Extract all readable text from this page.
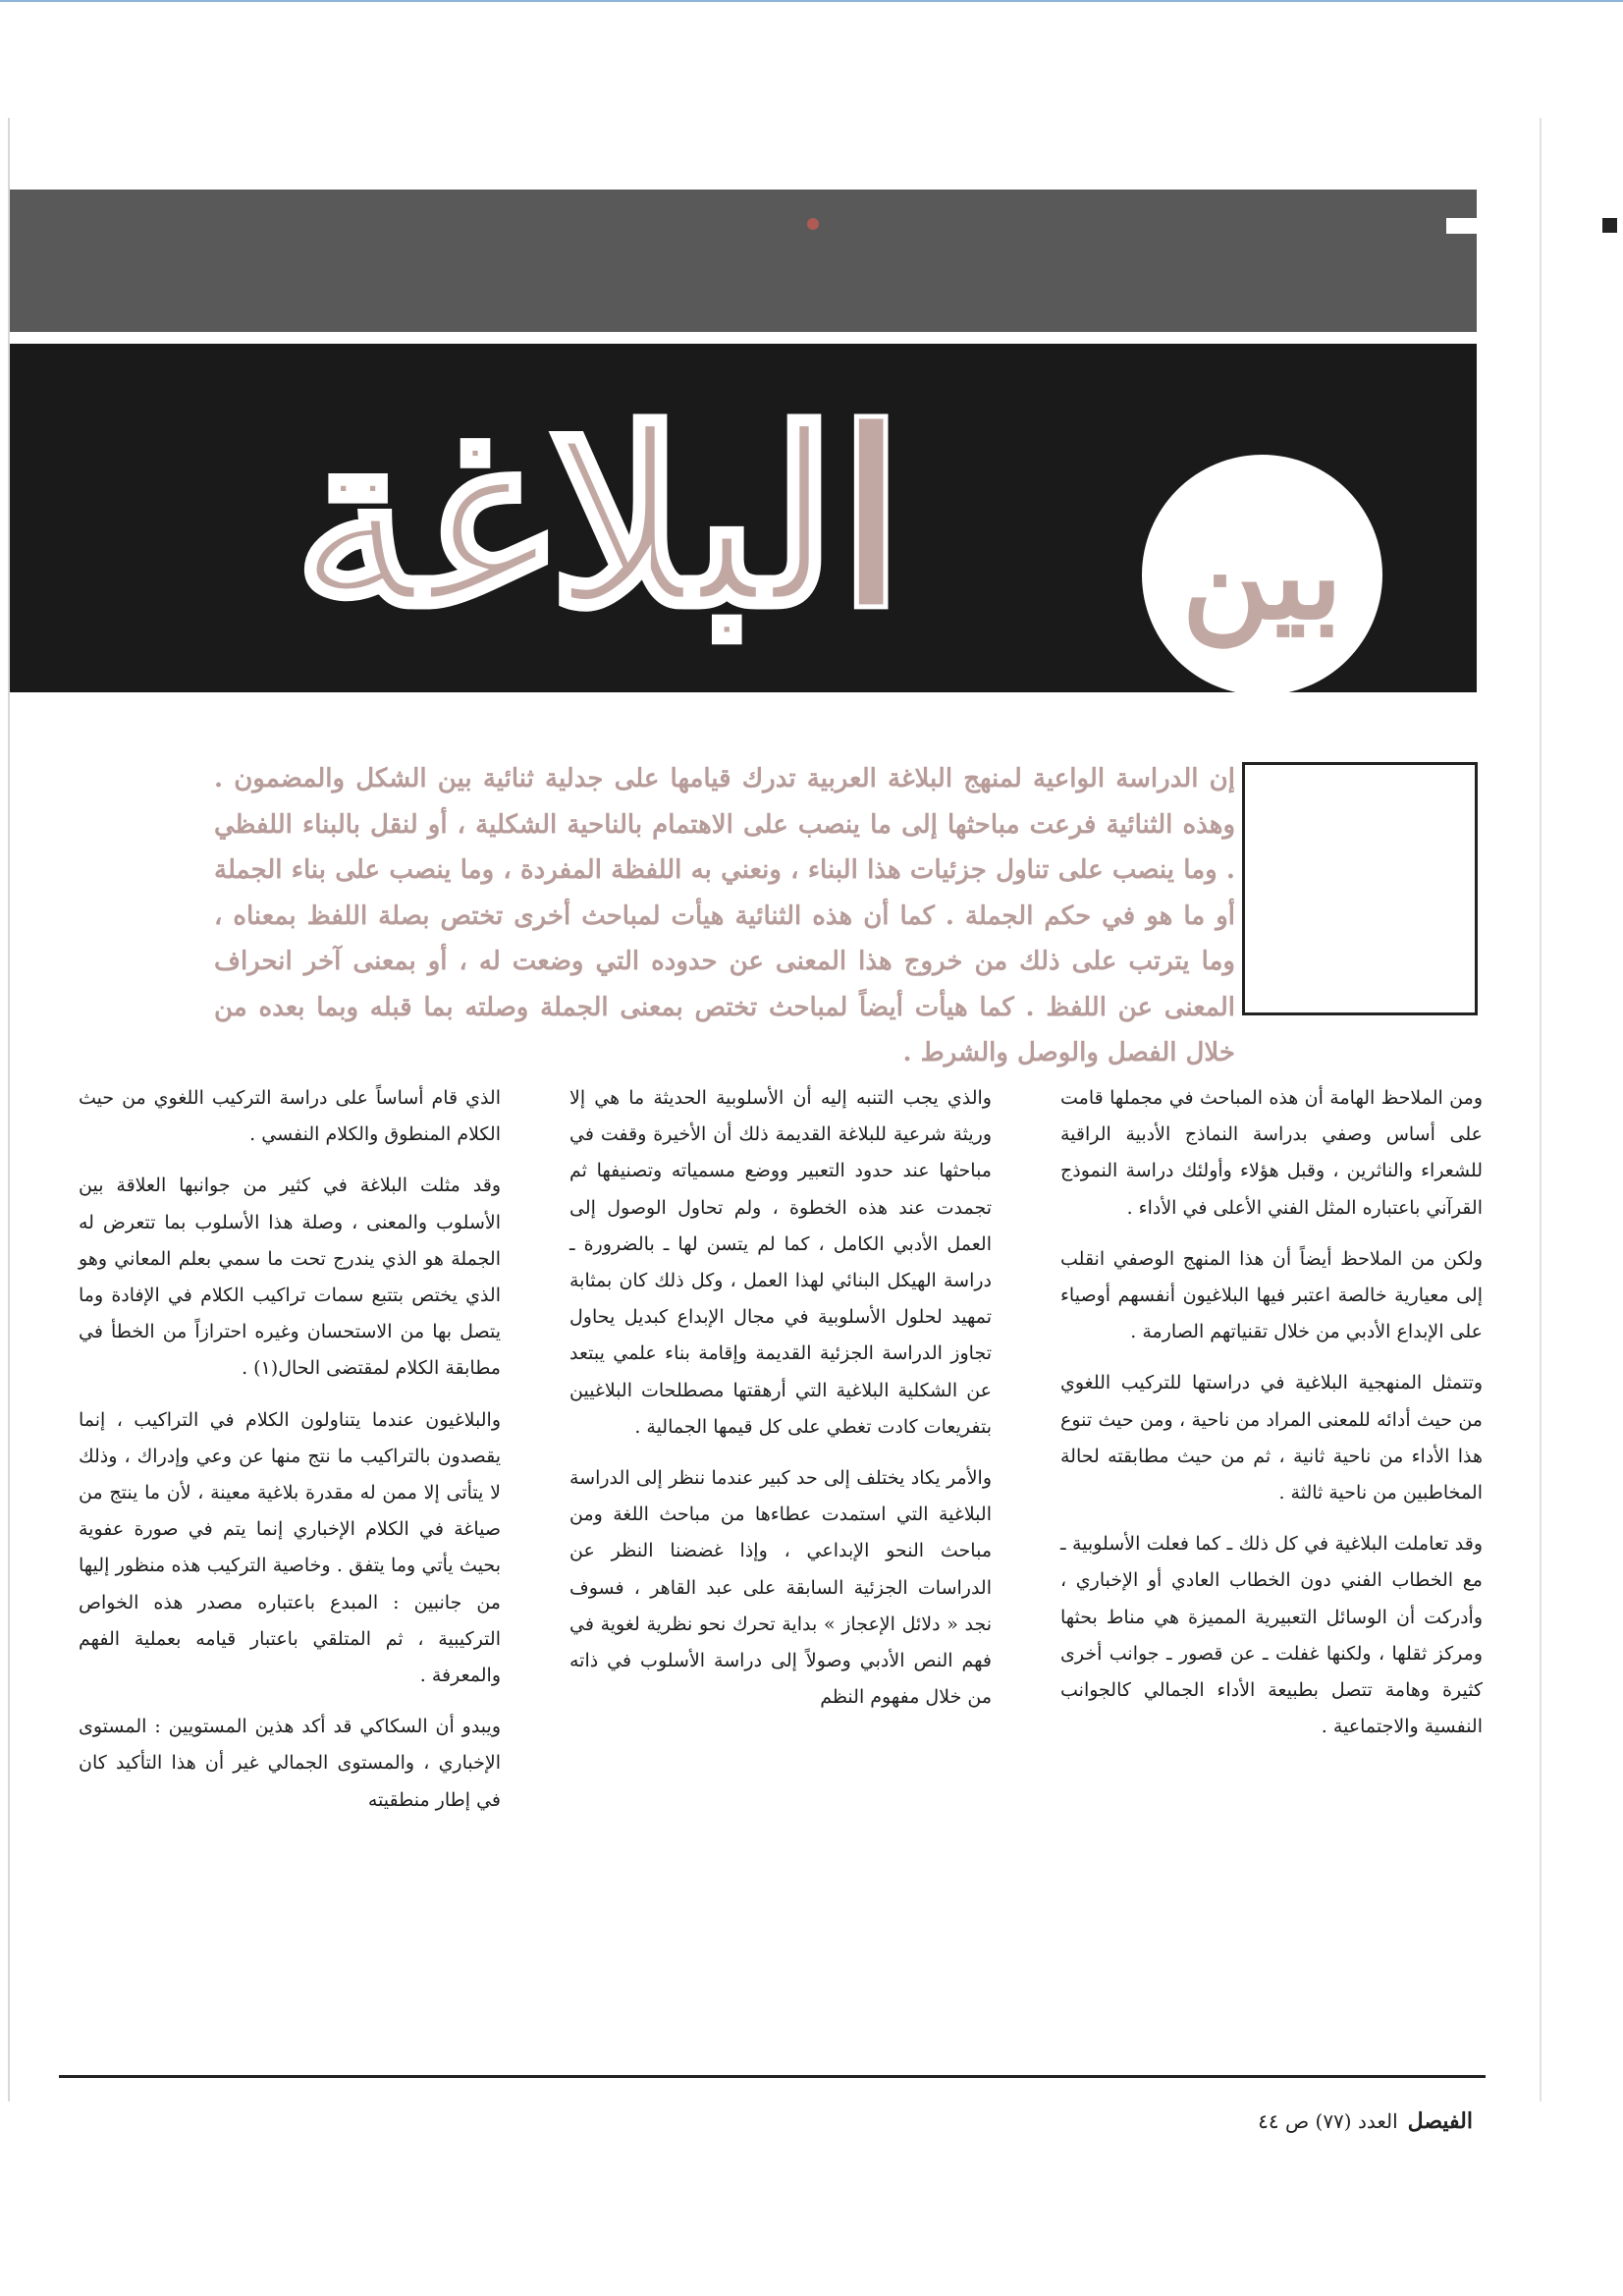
بين
البلاغة

إن الدراسة الواعية لمنهج البلاغة العربية تدرك قيامها على جدلية ثنائية بين الشكل والمضمون . وهذه الثنائية فرعت مباحثها إلى ما ينصب على الاهتمام بالناحية الشكلية ، أو لنقل بالبناء اللفظي . وما ينصب على تناول جزئيات هذا البناء ، ونعني به اللفظة المفردة ، وما ينصب على بناء الجملة أو ما هو في حكم الجملة . كما أن هذه الثنائية هيأت لمباحث أخرى تختص بصلة اللفظ بمعناه ، وما يترتب على ذلك من خروج هذا المعنى عن حدوده التي وضعت له ، أو بمعنى آخر انحراف المعنى عن اللفظ . كما هيأت أيضاً لمباحث تختص بمعنى الجملة وصلته بما قبله وبما بعده من خلال الفصل والوصل والشرط .

ومن الملاحظ الهامة أن هذه المباحث في مجملها قامت على أساس وصفي بدراسة النماذج الأدبية الراقية للشعراء والناثرين ، وقبل هؤلاء وأولئك دراسة النموذج القرآني باعتباره المثل الفني الأعلى في الأداء .

ولكن من الملاحظ أيضاً أن هذا المنهج الوصفي انقلب إلى معيارية خالصة اعتبر فيها البلاغيون أنفسهم أوصياء على الإبداع الأدبي من خلال تقنياتهم الصارمة .

وتتمثل المنهجية البلاغية في دراستها للتركيب اللغوي من حيث أدائه للمعنى المراد من ناحية ، ومن حيث تنوع هذا الأداء من ناحية ثانية ، ثم من حيث مطابقته لحالة المخاطبين من ناحية ثالثة .

وقد تعاملت البلاغية في كل ذلك ـ كما فعلت الأسلوبية ـ مع الخطاب الفني دون الخطاب العادي أو الإخباري ، وأدركت أن الوسائل التعبيرية المميزة هي مناط بحثها ومركز ثقلها ، ولكنها غفلت ـ عن قصور ـ جوانب أخرى كثيرة وهامة تتصل بطبيعة الأداء الجمالي كالجوانب النفسية والاجتماعية .

والذي يجب التنبه إليه أن الأسلوبية الحديثة ما هي إلا وريثة شرعية للبلاغة القديمة ذلك أن الأخيرة وقفت في مباحثها عند حدود التعبير ووضع مسمياته وتصنيفها ثم تجمدت عند هذه الخطوة ، ولم تحاول الوصول إلى العمل الأدبي الكامل ، كما لم يتسن لها ـ بالضرورة ـ دراسة الهيكل البنائي لهذا العمل ، وكل ذلك كان بمثابة تمهيد لحلول الأسلوبية في مجال الإبداع كبديل يحاول تجاوز الدراسة الجزئية القديمة وإقامة بناء علمي يبتعد عن الشكلية البلاغية التي أرهقتها مصطلحات البلاغيين بتفريعات كادت تغطي على كل قيمها الجمالية .

والأمر يكاد يختلف إلى حد كبير عندما ننظر إلى الدراسة البلاغية التي استمدت عطاءها من مباحث اللغة ومن مباحث النحو الإبداعي ، وإذا غضضنا النظر عن الدراسات الجزئية السابقة على عبد القاهر ، فسوف نجد « دلائل الإعجاز » بداية تحرك نحو نظرية لغوية في فهم النص الأدبي وصولاً إلى دراسة الأسلوب في ذاته من خلال مفهوم النظم

الذي قام أساساً على دراسة التركيب اللغوي من حيث الكلام المنطوق والكلام النفسي .

وقد مثلت البلاغة في كثير من جوانبها العلاقة بين الأسلوب والمعنى ، وصلة هذا الأسلوب بما تتعرض له الجملة هو الذي يندرج تحت ما سمي بعلم المعاني وهو الذي يختص بتتبع سمات تراكيب الكلام في الإفادة وما يتصل بها من الاستحسان وغيره احترازاً من الخطأ في مطابقة الكلام لمقتضى الحال(١) .

والبلاغيون عندما يتناولون الكلام في التراكيب ، إنما يقصدون بالتراكيب ما نتج منها عن وعي وإدراك ، وذلك لا يتأتى إلا ممن له مقدرة بلاغية معينة ، لأن ما ينتج من صياغة في الكلام الإخباري إنما يتم في صورة عفوية بحيث يأتي وما يتفق . وخاصية التركيب هذه منظور إليها من جانبين : المبدع باعتباره مصدر هذه الخواص التركيبية ، ثم المتلقي باعتبار قيامه بعملية الفهم والمعرفة .

ويبدو أن السكاكي قد أكد هذين المستويين : المستوى الإخباري ، والمستوى الجمالي غير أن هذا التأكيد كان في إطار منطقيته

الفيصل
العدد (٧٧) ص ٤٤
